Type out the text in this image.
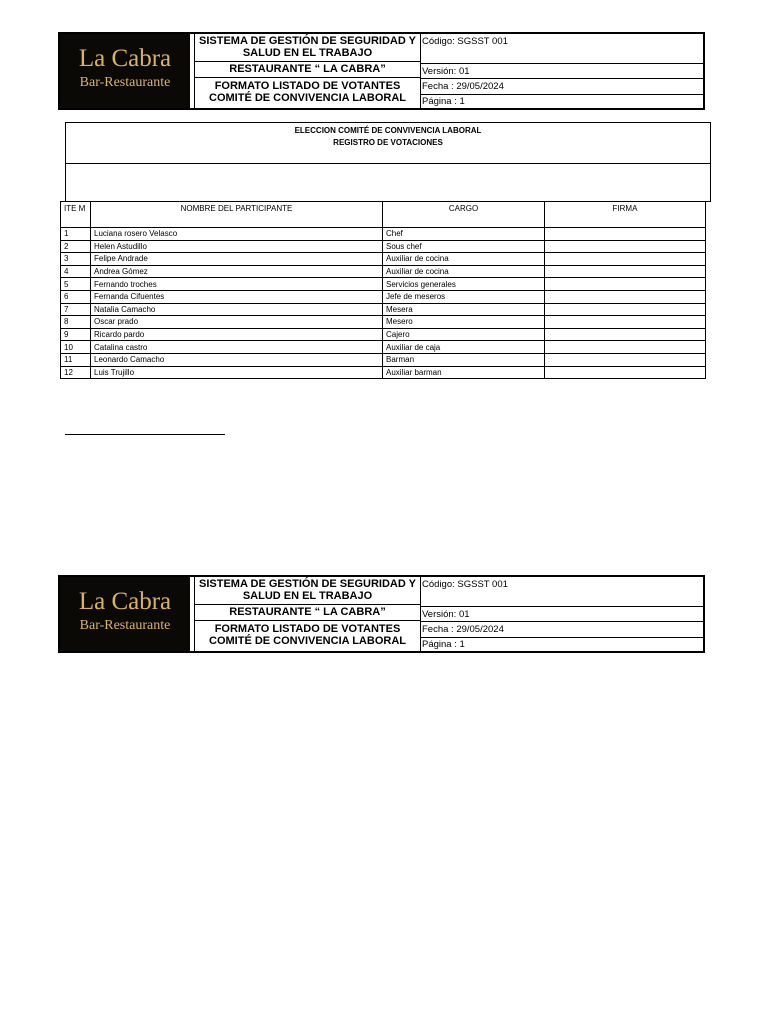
La Cabra
Bar-Restaurante
SISTEMA DE GESTIÓN DE SEGURIDAD Y
SALUD EN EL TRABAJO
RESTAURANTE “ LA CABRA”
FORMATO LISTADO DE VOTANTES
COMITÉ DE CONVIVENCIA LABORAL
Código: SGSST 001
Versión: 01
Fecha : 29/05/2024
Página : 1
ELECCION COMITÉ DE CONVIVENCIA LABORAL
REGISTRO DE VOTACIONES
ITE M	NOMBRE DEL PARTICIPANTE	CARGO	FIRMA
1	Luciana rosero Velasco	Chef	
2	Helen Astudillo	Sous chef	
3	Felipe Andrade	Auxiliar de cocina	
4	Andrea Gómez	Auxiliar de cocina	
5	Fernando troches	Servicios generales	
6	Fernanda Cifuentes	Jefe de meseros	
7	Natalia Camacho	Mesera	
8	Oscar prado	Mesero	
9	Ricardo pardo	Cajero	
10	Catalina castro	Auxiliar de caja	
11	Leonardo Camacho	Barman	
12	Luis Trujillo	Auxiliar barman	
La Cabra
Bar-Restaurante
SISTEMA DE GESTIÓN DE SEGURIDAD Y
SALUD EN EL TRABAJO
RESTAURANTE “ LA CABRA”
FORMATO LISTADO DE VOTANTES
COMITÉ DE CONVIVENCIA LABORAL
Código: SGSST 001
Versión: 01
Fecha : 29/05/2024
Página : 1
